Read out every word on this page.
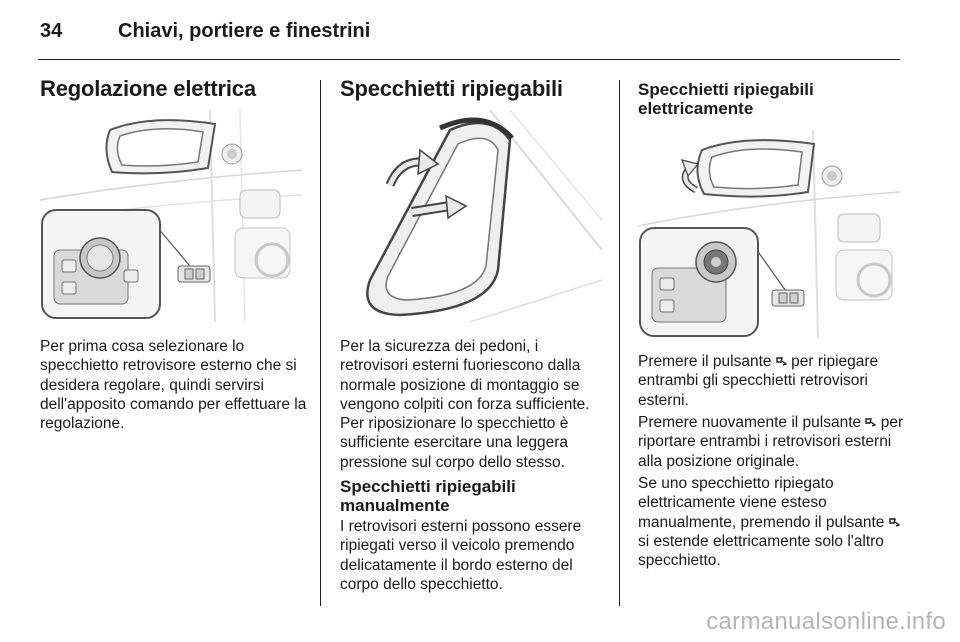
34	Chiavi, portiere e finestrini
Regolazione elettrica

Per prima cosa selezionare lo specchietto retrovisore esterno che si desidera regolare, quindi servirsi dell'apposito comando per effettuare la regolazione.

Specchietti ripiegabili

Per la sicurezza dei pedoni, i retrovisori esterni fuoriescono dalla normale posizione di montaggio se vengono colpiti con forza sufficiente. Per riposizionare lo specchietto è sufficiente esercitare una leggera pressione sul corpo dello stesso.

Specchietti ripiegabili
manualmente

I retrovisori esterni possono essere ripiegati verso il veicolo premendo delicatamente il bordo esterno del corpo dello specchietto.

Specchietti ripiegabili
elettricamente

Premere il pulsante  per ripiegare entrambi gli specchietti retrovisori esterni.

Premere nuovamente il pulsante  per riportare entrambi i retrovisori esterni alla posizione originale.

Se uno specchietto ripiegato elettricamente viene esteso manualmente, premendo il pulsante  si estende elettricamente solo l'altro specchietto.

carmanualsonline.info
